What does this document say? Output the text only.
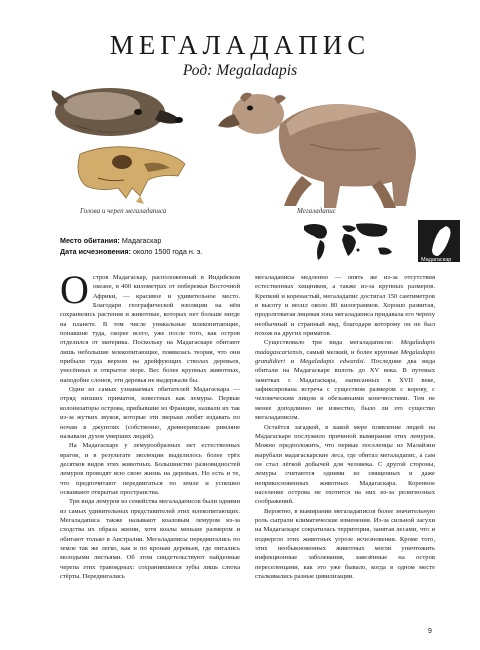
МЕГАЛАДАПИС
Род: Megaladapis
Голова и череп мегаладаписа	Мегаладапис
Место обитания: Мадагаскар
Дата исчезновения: около 1500 года н. э.
Мадагаскар

Остров Мадагаскар, расположенный в Индийском океане, в 400 километрах от побережья Восточной Африки, — красивое и удивительное место. Благодаря географической изоляции на нём сохранились растения и животные, которых нет больше нигде на планете. В том числе уникальные млекопитающие, попавшие туда, скорее всего, уже после того, как остров отделился от материка. Поскольку на Мадагаскаре обитают лишь небольшие млекопитающие, появилась теория, что они прибыли туда верхом на дрейфующих стволах деревьев, унесённых в открытое море. Вес более крупных животных, наподобие слонов, эти деревья не выдержали бы.

Одни из самых узнаваемых обитателей Мадагаскара — отряд низших приматов, известных как лемуры. Первые колонизаторы острова, прибывшие из Франции, назвали их так из-за жутких звуков, которые эти зверьки любят издавать по ночам в джунглях (собственно, древнеримские римляне называли духов умерших людей).

На Мадагаскаре у лемурообразных нет естественных врагов, и в результате эволюции выделилось более трёх десятков видов этих животных. Большинство разновидностей лемуров проводят всю свою жизнь на деревьях. Но есть и те, что предпочитают передвигаться по земле и успешно осваивают открытые пространства.

Три вида лемуров из семейства мегаладаписов были одними из самых удивительных представителей этих млекопитающих. Мегаладаписа также называют коаловым лемуром из-за сходства их образа жизни, хотя коалы меньше размером и обитают только в Австралии. Мегаладаписы передвигались по земле так же легко, как и по кронам деревьев, где питались молодыми листьями. Об этом свидетельствуют найденные черепа этих травоядных: сохранившиеся зубы лишь слегка стёрты. Передвигались

мегаладаписы медленно — опять же из-за отсутствия естественных хищников, а также из-за крупных размеров. Крепкий и коренастый, мегаладапис достигал 150 сантиметров в высоту и весил около 80 килограммов. Хорошо развитая, продолговатая лицевая зона мегаладаписа придавала его черепу необычный и странный вид, благодаря которому он не был похож на других приматов.

Существовало три вида мегаладаписов: Megaladapis madagascariensis, самый мелкий, и более крупные Megaladapis grandidieri и Megaladapis edwardsi. Последние два вида обитали на Мадагаскаре вплоть до XV века. В путевых заметках с Мадагаскара, написанных в XVII веке, зафиксирована встреча с существом размером с корову, с человеческим лицом и обезьяньими конечностями. Тем не менее доподлинно не известно, было ли это существо мегаладаписом.

Остаётся загадкой, в какой мере появление людей на Мадагаскаре послужило причиной вымирания этих лемуров. Можно предположить, что первые поселенцы из Малайзии вырубали мадагаскарские леса, где обитал мегаладапис, а сам он стал лёгкой добычей для человека. С другой стороны, лемуры считаются одними из священных и даже неприкосновенных животных Мадагаскара. Коренное население острова не охотится на них из-за религиозных соображений.

Вероятно, в вымирании мегаладаписов более значительную роль сыграли климатические изменения. Из-за сильной засухи на Мадагаскаре сократилась территория, занятая лесами, что и подвергло этих животных угрозе исчезновения. Кроме того, этих необыкновенных животных могли уничтожить инфекционные заболевания, завезённые на остров переселенцами, как это уже бывало, когда в одном месте сталкивались разные цивилизации.

9
